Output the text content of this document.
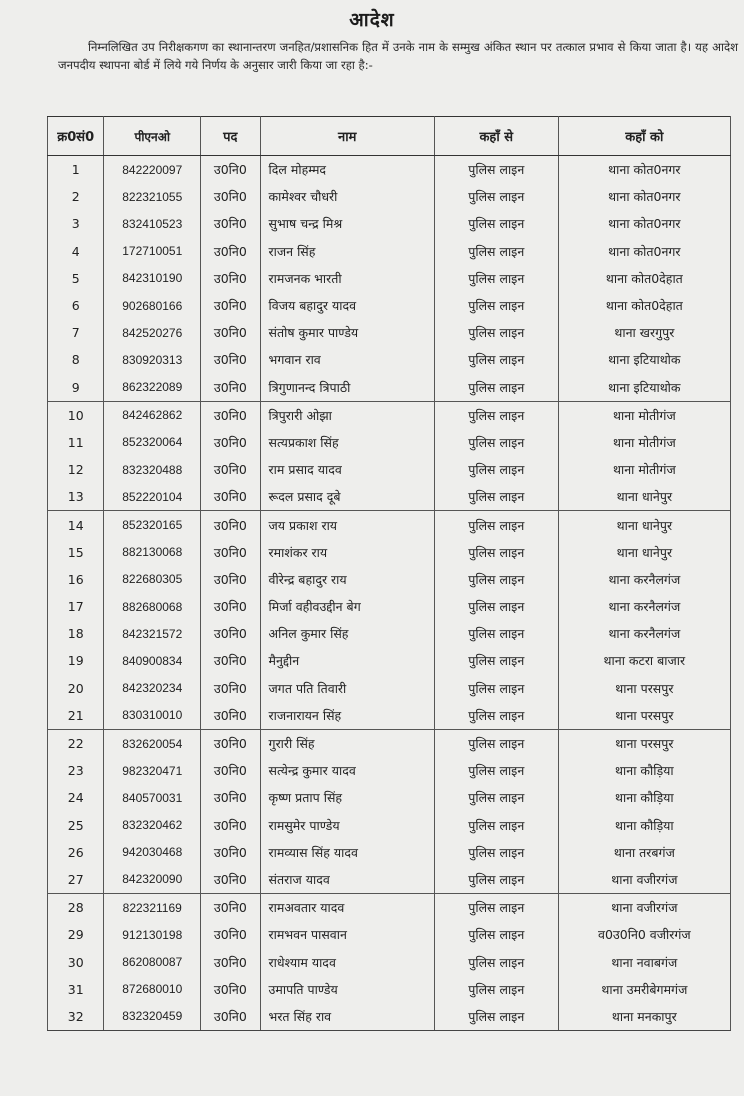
आदेश
निम्नलिखित उप निरीक्षकगण का स्थानान्तरण जनहित/प्रशासनिक हित में उनके नाम के सम्मुख अंकित स्थान पर तत्काल प्रभाव से किया जाता है। यह आदेश जनपदीय स्थापना बोर्ड में लिये गये निर्णय के अनुसार जारी किया जा रहा है:-
क्र0सं0	पीएनओ	पद	नाम	कहाँ से	कहाँ को
1	842220097	उ0नि0	दिल मोहम्मद	पुलिस लाइन	थाना कोत0नगर
2	822321055	उ0नि0	कामेश्वर चौधरी	पुलिस लाइन	थाना कोत0नगर
3	832410523	उ0नि0	सुभाष चन्द्र मिश्र	पुलिस लाइन	थाना कोत0नगर
4	172710051	उ0नि0	राजन सिंह	पुलिस लाइन	थाना कोत0नगर
5	842310190	उ0नि0	रामजनक भारती	पुलिस लाइन	थाना कोत0देहात
6	902680166	उ0नि0	विजय बहादुर यादव	पुलिस लाइन	थाना कोत0देहात
7	842520276	उ0नि0	संतोष कुमार पाण्डेय	पुलिस लाइन	थाना खरगुपुर
8	830920313	उ0नि0	भगवान राव	पुलिस लाइन	थाना इटियाथोक
9	862322089	उ0नि0	त्रिगुणानन्द त्रिपाठी	पुलिस लाइन	थाना इटियाथोक
10	842462862	उ0नि0	त्रिपुरारी ओझा	पुलिस लाइन	थाना मोतीगंज
11	852320064	उ0नि0	सत्यप्रकाश सिंह	पुलिस लाइन	थाना मोतीगंज
12	832320488	उ0नि0	राम प्रसाद यादव	पुलिस लाइन	थाना मोतीगंज
13	852220104	उ0नि0	रूदल प्रसाद दूबे	पुलिस लाइन	थाना धानेपुर
14	852320165	उ0नि0	जय प्रकाश राय	पुलिस लाइन	थाना धानेपुर
15	882130068	उ0नि0	रमाशंकर राय	पुलिस लाइन	थाना धानेपुर
16	822680305	उ0नि0	वीरेन्द्र बहादुर राय	पुलिस लाइन	थाना करनैलगंज
17	882680068	उ0नि0	मिर्जा वहीवउद्दीन बेग	पुलिस लाइन	थाना करनैलगंज
18	842321572	उ0नि0	अनिल कुमार सिंह	पुलिस लाइन	थाना करनैलगंज
19	840900834	उ0नि0	मैनुद्दीन	पुलिस लाइन	थाना कटरा बाजार
20	842320234	उ0नि0	जगत पति तिवारी	पुलिस लाइन	थाना परसपुर
21	830310010	उ0नि0	राजनारायन सिंह	पुलिस लाइन	थाना परसपुर
22	832620054	उ0नि0	गुरारी सिंह	पुलिस लाइन	थाना परसपुर
23	982320471	उ0नि0	सत्येन्द्र कुमार यादव	पुलिस लाइन	थाना कौड़िया
24	840570031	उ0नि0	कृष्ण प्रताप सिंह	पुलिस लाइन	थाना कौड़िया
25	832320462	उ0नि0	रामसुमेर पाण्डेय	पुलिस लाइन	थाना कौड़िया
26	942030468	उ0नि0	रामव्यास सिंह यादव	पुलिस लाइन	थाना तरबगंज
27	842320090	उ0नि0	संतराज यादव	पुलिस लाइन	थाना वजीरगंज
28	822321169	उ0नि0	रामअवतार यादव	पुलिस लाइन	थाना वजीरगंज
29	912130198	उ0नि0	रामभवन पासवान	पुलिस लाइन	व0उ0नि0 वजीरगंज
30	862080087	उ0नि0	राधेश्याम यादव	पुलिस लाइन	थाना नवाबगंज
31	872680010	उ0नि0	उमापति पाण्डेय	पुलिस लाइन	थाना उमरीबेगमगंज
32	832320459	उ0नि0	भरत सिंह राव	पुलिस लाइन	थाना मनकापुर
